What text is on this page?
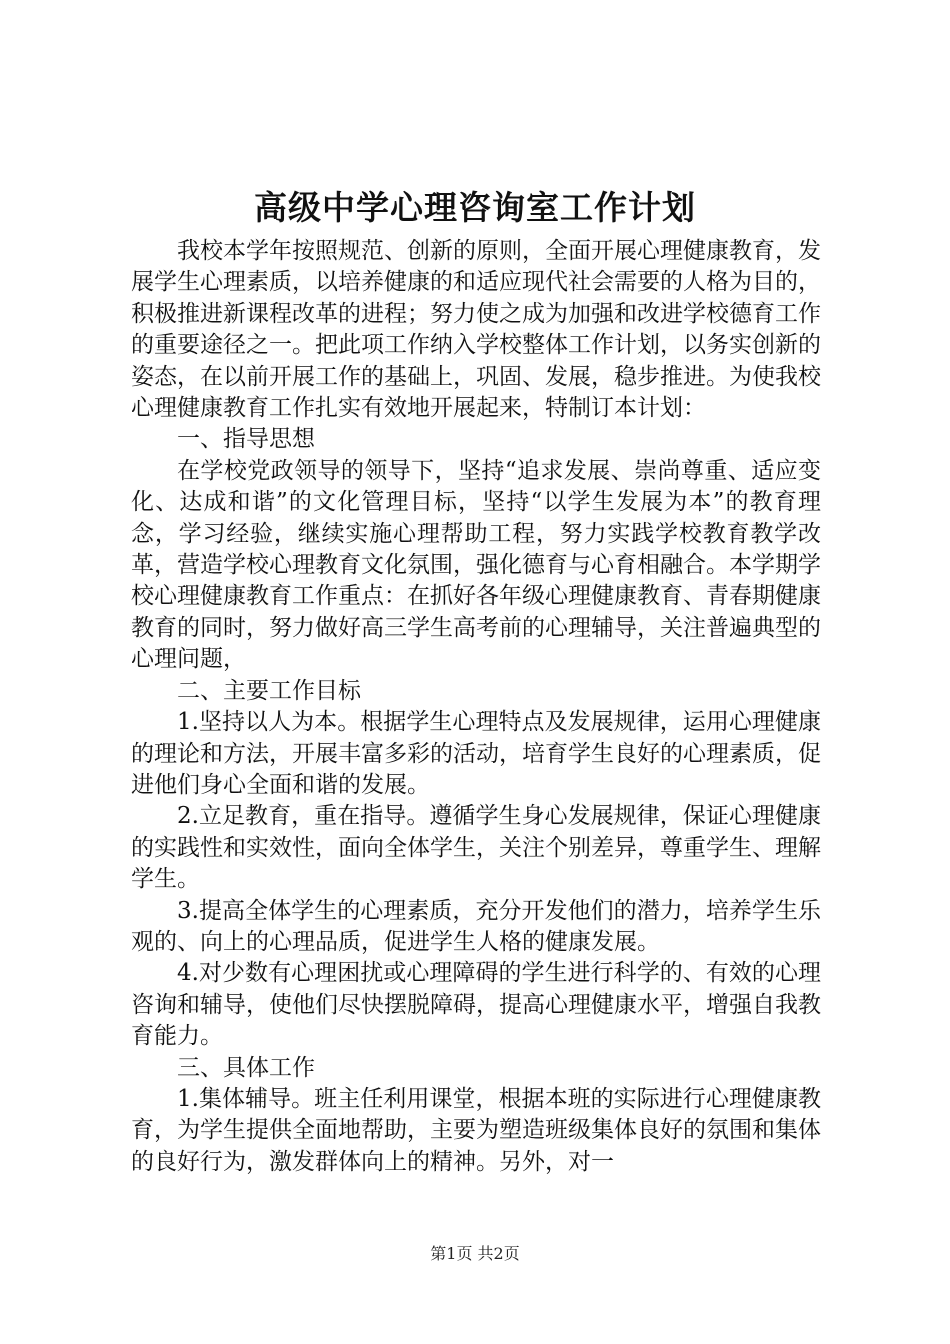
高级中学心理咨询室工作计划

我校本学年按照规范、创新的原则，全面开展心理健康教育，发展学生心理素质，以培养健康的和适应现代社会需要的人格为目的，积极推进新课程改革的进程；努力使之成为加强和改进学校德育工作的重要途径之一。把此项工作纳入学校整体工作计划，以务实创新的姿态，在以前开展工作的基础上，巩固、发展，稳步推进。为使我校心理健康教育工作扎实有效地开展起来，特制订本计划：

一、指导思想

在学校党政领导的领导下，坚持“追求发展、崇尚尊重、适应变化、达成和谐”的文化管理目标，坚持“以学生发展为本”的教育理念，学习经验，继续实施心理帮助工程，努力实践学校教育教学改革，营造学校心理教育文化氛围，强化德育与心育相融合。本学期学校心理健康教育工作重点：在抓好各年级心理健康教育、青春期健康教育的同时，努力做好高三学生高考前的心理辅导，关注普遍典型的心理问题，

二、主要工作目标

1.坚持以人为本。根据学生心理特点及发展规律，运用心理健康的理论和方法，开展丰富多彩的活动，培育学生良好的心理素质，促进他们身心全面和谐的发展。

2.立足教育，重在指导。遵循学生身心发展规律，保证心理健康的实践性和实效性，面向全体学生，关注个别差异，尊重学生、理解学生。

3.提高全体学生的心理素质，充分开发他们的潜力，培养学生乐观的、向上的心理品质，促进学生人格的健康发展。

4.对少数有心理困扰或心理障碍的学生进行科学的、有效的心理咨询和辅导，使他们尽快摆脱障碍，提高心理健康水平，增强自我教育能力。

三、具体工作

1.集体辅导。班主任利用课堂，根据本班的实际进行心理健康教育，为学生提供全面地帮助，主要为塑造班级集体良好的氛围和集体的良好行为，激发群体向上的精神。另外，对一

第1页 共2页
